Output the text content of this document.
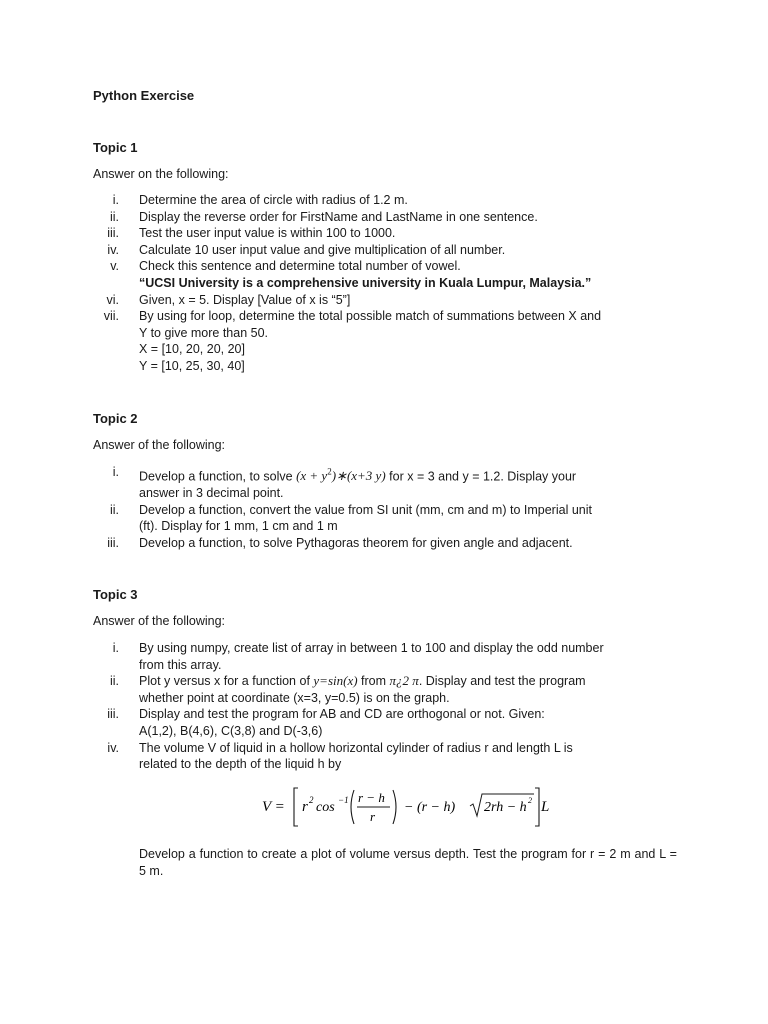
Python Exercise
Topic 1
Answer on the following:
i. Determine the area of circle with radius of 1.2 m.
ii. Display the reverse order for FirstName and LastName in one sentence.
iii. Test the user input value is within 100 to 1000.
iv. Calculate 10 user input value and give multiplication of all number.
v. Check this sentence and determine total number of vowel.
“UCSI University is a comprehensive university in Kuala Lumpur, Malaysia.”
vi. Given, x = 5. Display [Value of x is “5”]
vii. By using for loop, determine the total possible match of summations between X and
Y to give more than 50.
X = [10, 20, 20, 20]
Y = [10, 25, 30, 40]
Topic 2
Answer of the following:
i. Develop a function, to solve $(x + y^2)∗(x+3$ y) for x = 3 and y = 1.2. Display your
answer in 3 decimal point.
ii. Develop a function, convert the value from SI unit (mm, cm and m) to Imperial unit
(ft). Display for 1 mm, 1 cm and 1 m
iii. Develop a function, to solve Pythagoras theorem for given angle and adjacent.
Topic 3
Answer of the following:
i. By using numpy, create list of array in between 1 to 100 and display the odd number
from this array.
ii. Plot y versus x for a function of y=sin(x) from π¿2 π. Display and test the program
whether point at coordinate (x=3, y=0.5) is on the graph.
iii. Display and test the program for AB and CD are orthogonal or not. Given:
A(1,2), B(4,6), C(3,8) and D(-3,6)
iv. The volume V of liquid in a hollow horizontal cylinder of radius r and length L is
related to the depth of the liquid h by
V = r 2 cos −1 r − h
r
− (r − h) 2rh − h 2 L
Develop a function to create a plot of volume versus depth. Test the program for r = 2 m and L = 5 m.
